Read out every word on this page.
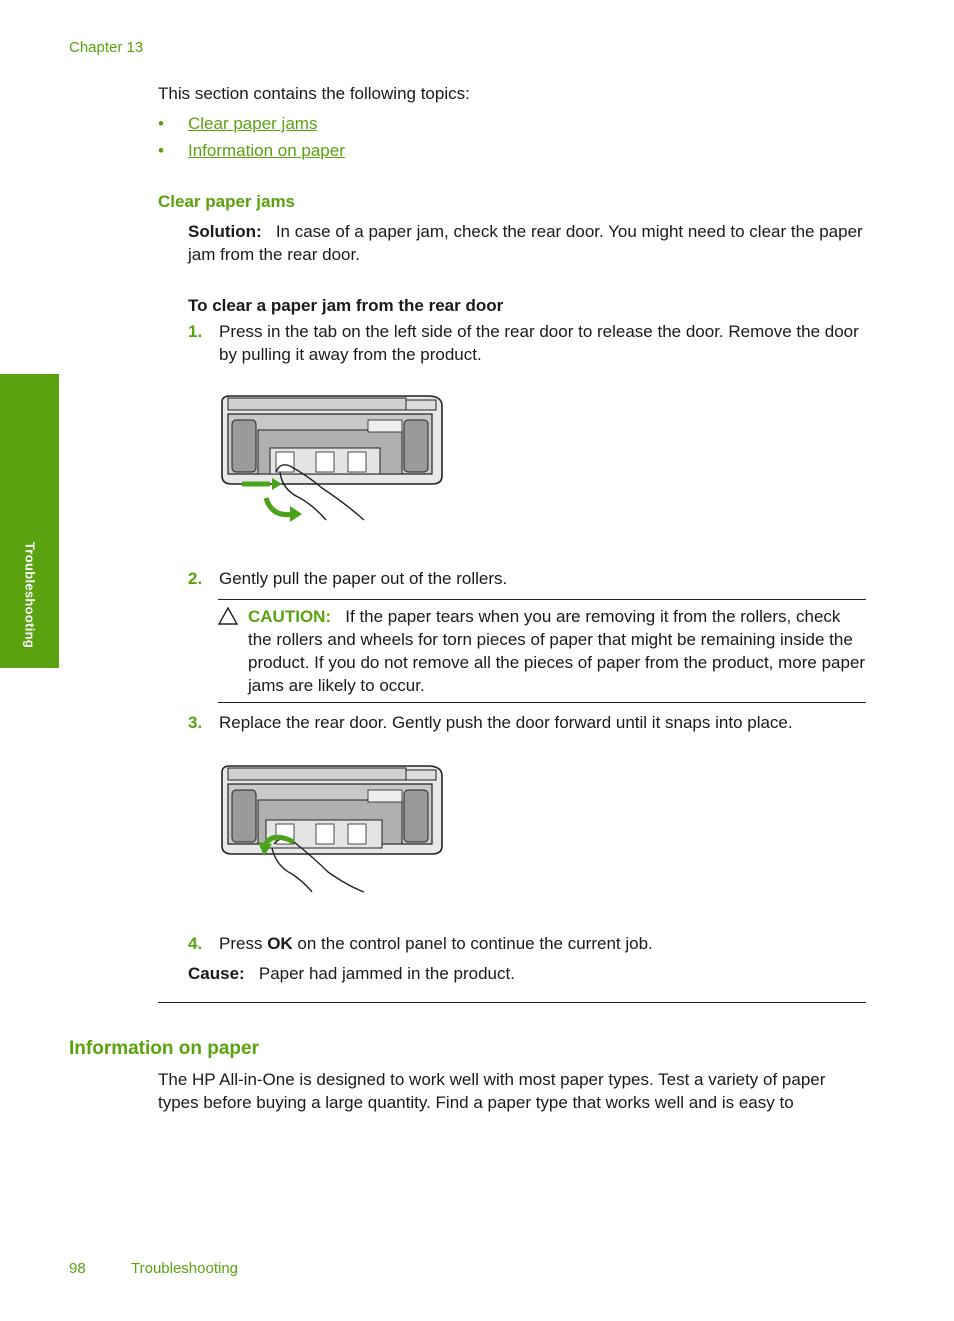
Chapter 13
This section contains the following topics:
• Clear paper jams
• Information on paper
Clear paper jams
Solution: In case of a paper jam, check the rear door. You might need to clear the paper jam from the rear door.
To clear a paper jam from the rear door
1. Press in the tab on the left side of the rear door to release the door. Remove the door by pulling it away from the product.
2. Gently pull the paper out of the rollers.
CAUTION: If the paper tears when you are removing it from the rollers, check the rollers and wheels for torn pieces of paper that might be remaining inside the product. If you do not remove all the pieces of paper from the product, more paper jams are likely to occur.
3. Replace the rear door. Gently push the door forward until it snaps into place.
4. Press OK on the control panel to continue the current job.
Cause: Paper had jammed in the product.
Information on paper
The HP All-in-One is designed to work well with most paper types. Test a variety of paper types before buying a large quantity. Find a paper type that works well and is easy to
Troubleshooting
98	Troubleshooting
